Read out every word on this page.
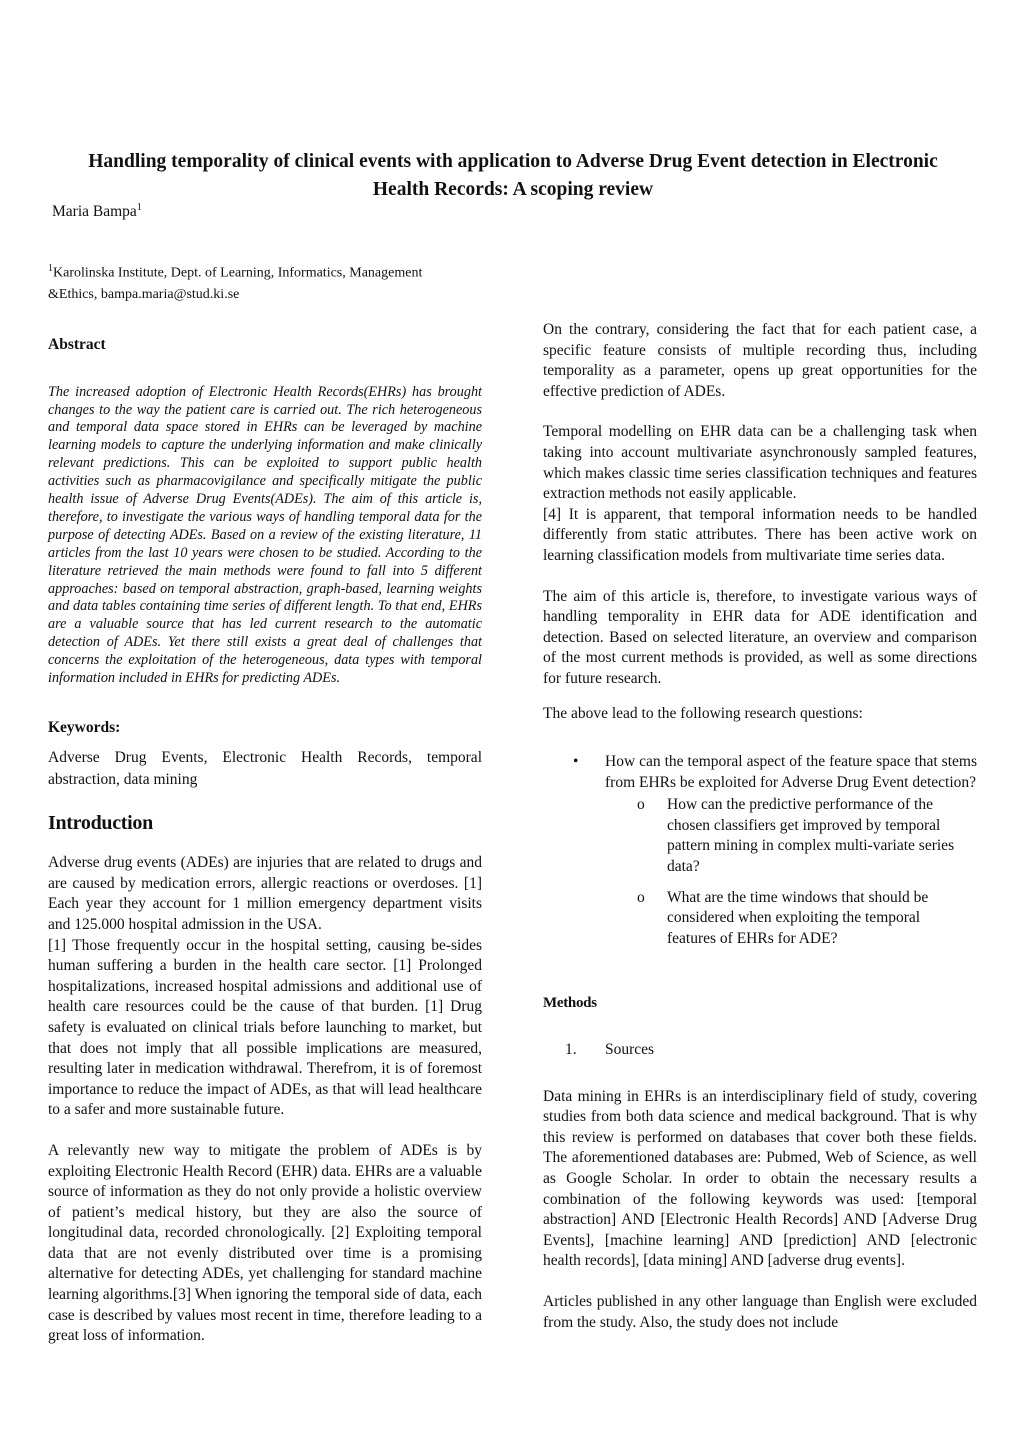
Handling temporality of clinical events with application to Adverse Drug Event detection in Electronic
Health Records: A scoping review
Maria Bampa$^1$
$^1$Karolinska Institute, Dept. of Learning, Informatics, Management
&Ethics, bampa.maria@stud.ki.se

Abstract

The increased adoption of Electronic Health Records(EHRs) has brought changes to the way the patient care is carried out. The rich heterogeneous and temporal data space stored in EHRs can be leveraged by machine learning models to capture the underlying information and make clinically relevant predictions. This can be exploited to support public health activities such as pharmacovigilance and specifically mitigate the public health issue of Adverse Drug Events(ADEs). The aim of this article is, therefore, to investigate the various ways of handling temporal data for the purpose of detecting ADEs. Based on a review of the existing literature, 11 articles from the last 10 years were chosen to be studied. According to the literature retrieved the main methods were found to fall into 5 different approaches: based on temporal abstraction, graph-based, learning weights and data tables containing time series of different length. To that end, EHRs are a valuable source that has led current research to the automatic detection of ADEs. Yet there still exists a great deal of challenges that concerns the exploitation of the heterogeneous, data types with temporal information included in EHRs for predicting ADEs.

Keywords:

Adverse Drug Events, Electronic Health Records, temporal abstraction, data mining

Introduction

Adverse drug events (ADEs) are injuries that are related to drugs and are caused by medication errors, allergic reactions or overdoses. [1] Each year they account for 1 million emergency department visits and 125.000 hospital admission in the USA.

[1] Those frequently occur in the hospital setting, causing be-sides human suffering a burden in the health care sector. [1] Prolonged hospitalizations, increased hospital admissions and additional use of health care resources could be the cause of that burden. [1] Drug safety is evaluated on clinical trials before launching to market, but that does not imply that all possible implications are measured, resulting later in medication withdrawal. Therefrom, it is of foremost importance to reduce the impact of ADEs, as that will lead healthcare to a safer and more sustainable future.

A relevantly new way to mitigate the problem of ADEs is by exploiting Electronic Health Record (EHR) data. EHRs are a valuable source of information as they do not only provide a holistic overview of patient’s medical history, but they are also the source of longitudinal data, recorded chronologically. [2] Exploiting temporal data that are not evenly distributed over time is a promising alternative for detecting ADEs, yet challenging for standard machine learning algorithms.[3] When ignoring the temporal side of data, each case is described by values most recent in time, therefore leading to a great loss of information.

On the contrary, considering the fact that for each patient case, a specific feature consists of multiple recording thus, including temporality as a parameter, opens up great opportunities for the effective prediction of ADEs.

Temporal modelling on EHR data can be a challenging task when taking into account multivariate asynchronously sampled features, which makes classic time series classification techniques and features extraction methods not easily applicable.

[4] It is apparent, that temporal information needs to be handled differently from static attributes. There has been active work on learning classification models from multivariate time series data.

The aim of this article is, therefore, to investigate various ways of handling temporality in EHR data for ADE identification and detection. Based on selected literature, an overview and comparison of the most current methods is provided, as well as some directions for future research.

The above lead to the following research questions:

• How can the temporal aspect of the feature space that stems from EHRs be exploited for Adverse Drug Event detection?
o How can the predictive performance of the chosen classifiers get improved by temporal pattern mining in complex multi-variate series data?
o What are the time windows that should be considered when exploiting the temporal features of EHRs for ADE?

Methods

1. Sources

Data mining in EHRs is an interdisciplinary field of study, covering studies from both data science and medical background. That is why this review is performed on databases that cover both these fields. The aforementioned databases are: Pubmed, Web of Science, as well as Google Scholar. In order to obtain the necessary results a combination of the following keywords was used: [temporal abstraction] AND [Electronic Health Records] AND [Adverse Drug Events], [machine learning] AND [prediction] AND [electronic health records], [data mining] AND [adverse drug events].

Articles published in any other language than English were excluded from the study. Also, the study does not include
